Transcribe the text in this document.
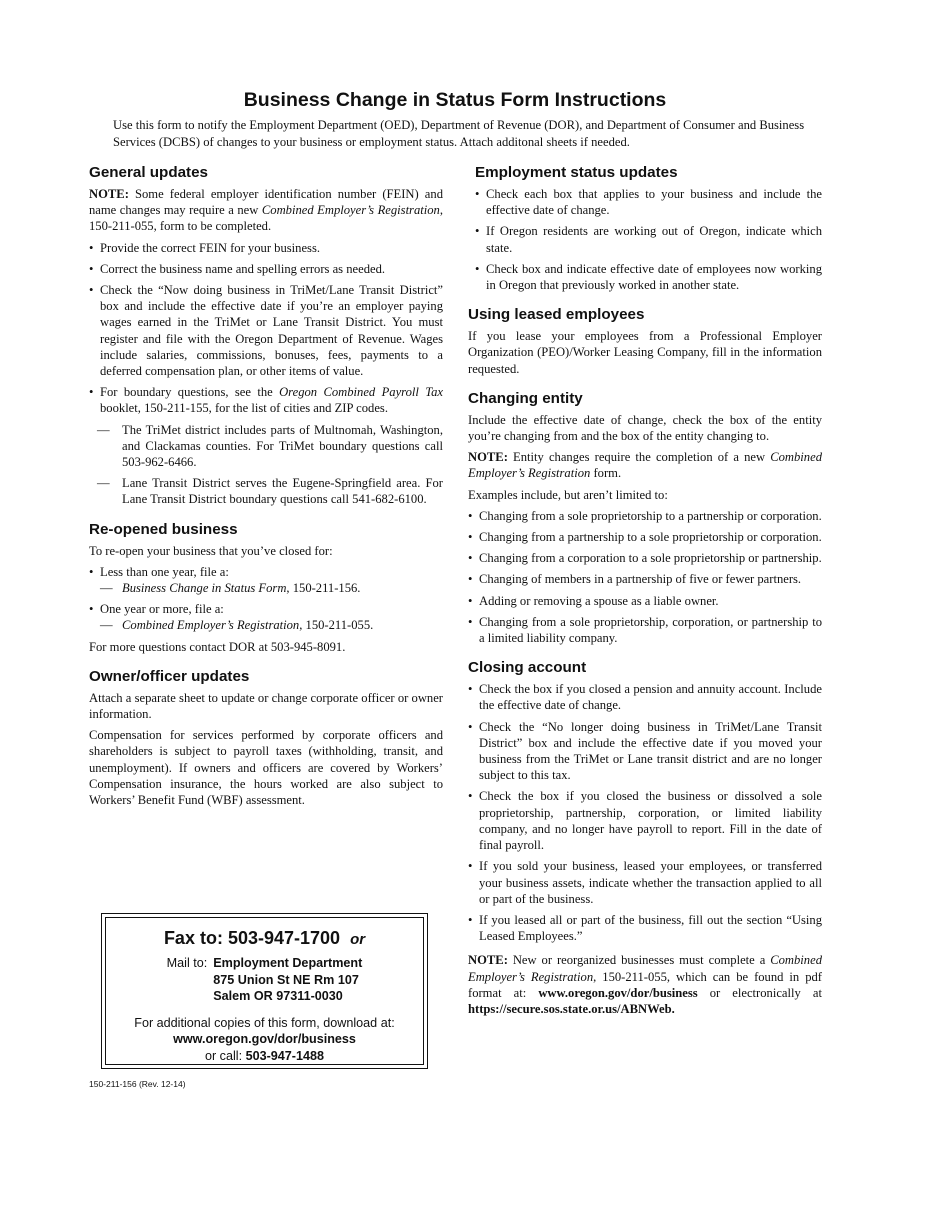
Business Change in Status Form Instructions
Use this form to notify the Employment Department (OED), Department of Revenue (DOR), and Department of Consumer and Business Services (DCBS) of changes to your business or employment status. Attach additonal sheets if needed.
General updates

NOTE: Some federal employer identification number (FEIN) and name changes may require a new Combined Employer’s Registration, 150-211-055, form to be completed.

• Provide the correct FEIN for your business.
• Correct the business name and spelling errors as needed.
• Check the “Now doing business in TriMet/Lane Transit District” box and include the effective date if you’re an employer paying wages earned in the TriMet or Lane Transit District. You must register and file with the Oregon Department of Revenue. Wages include salaries, commissions, bonuses, fees, payments to a deferred compensation plan, or other items of value.
• For boundary questions, see the Oregon Combined Payroll Tax booklet, 150-211-155, for the list of cities and ZIP codes.
— The TriMet district includes parts of Multnomah, Washington, and Clackamas counties. For TriMet boundary questions call 503-962-6466.
— Lane Transit District serves the Eugene-Springfield area. For Lane Transit District boundary questions call 541-682-6100.
Re-opened business

To re-open your business that you’ve closed for:

• Less than one year, file a:
— Business Change in Status Form, 150-211-156.
• One year or more, file a:
— Combined Employer’s Registration, 150-211-055.

For more questions contact DOR at 503-945-8091.

Owner/officer updates

Attach a separate sheet to update or change corporate officer or owner information.

Compensation for services performed by corporate officers and shareholders is subject to payroll taxes (withholding, transit, and unemployment). If owners and officers are covered by Workers’ Compensation insurance, the hours worked are also subject to Workers’ Benefit Fund (WBF) assessment.

Fax to: 503-947-1700 or
Mail to: Employment Department
875 Union St NE Rm 107
Salem OR 97311-0030
For additional copies of this form, download at:
www.oregon.gov/dor/business
or call: 503-947-1488
150-211-156 (Rev. 12-14)
Employment status updates
• Check each box that applies to your business and include the effective date of change.
• If Oregon residents are working out of Oregon, indicate which state.
• Check box and indicate effective date of employees now working in Oregon that previously worked in another state.
Using leased employees

If you lease your employees from a Professional Employer Organization (PEO)/Worker Leasing Company, fill in the information requested.

Changing entity

Include the effective date of change, check the box of the entity you’re changing from and the box of the entity changing to.

NOTE: Entity changes require the completion of a new Combined Employer’s Registration form.

Examples include, but aren’t limited to:

• Changing from a sole proprietorship to a partnership or corporation.
• Changing from a partnership to a sole proprietorship or corporation.
• Changing from a corporation to a sole proprietorship or partnership.
• Changing of members in a partnership of five or fewer partners.
• Adding or removing a spouse as a liable owner.
• Changing from a sole proprietorship, corporation, or partnership to a limited liability company.
Closing account
• Check the box if you closed a pension and annuity account. Include the effective date of change.
• Check the “No longer doing business in TriMet/Lane Transit District” box and include the effective date if you moved your business from the TriMet or Lane transit district and are no longer subject to this tax.
• Check the box if you closed the business or dissolved a sole proprietorship, partnership, corporation, or limited liability company, and no longer have payroll to report. Fill in the date of final payroll.
• If you sold your business, leased your employees, or transferred your business assets, indicate whether the transaction applied to all or part of the business.
• If you leased all or part of the business, fill out the section “Using Leased Employees.”

NOTE: New or reorganized businesses must complete a Combined Employer’s Registration, 150-211-055, which can be found in pdf format at: www.oregon.gov/dor/business or electronically at https://secure.sos.state.or.us/ABNWeb.
